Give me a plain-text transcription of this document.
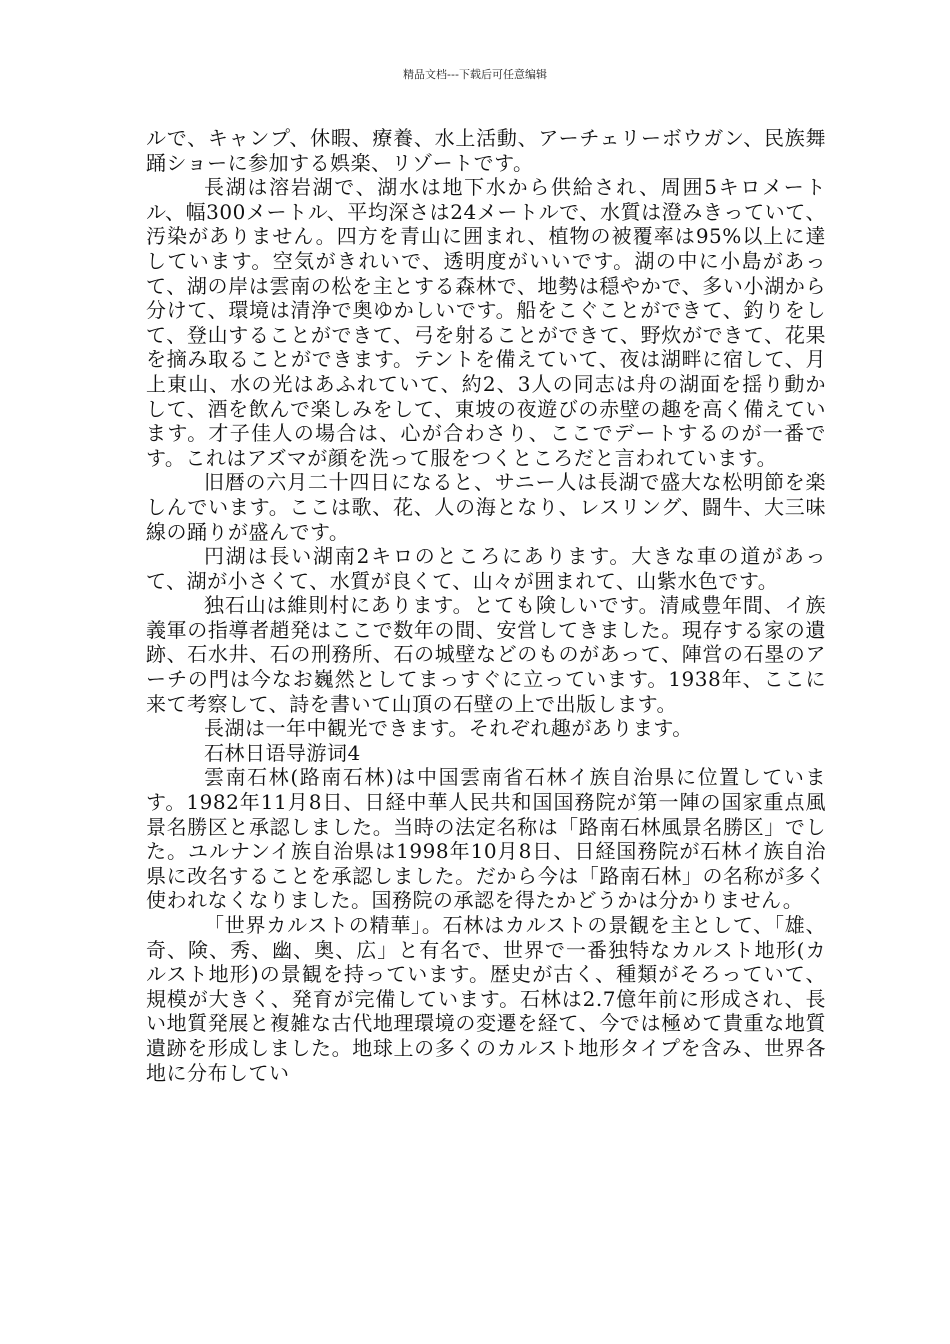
精品文档---下载后可任意编辑

ルで、キャンプ、休暇、療養、水上活動、アーチェリーボウガン、民族舞踊ショーに参加する娯楽、リゾートです。

長湖は溶岩湖で、湖水は地下水から供給され、周囲5キロメートル、幅300メートル、平均深さは24メートルで、水質は澄みきっていて、汚染がありません。四方を青山に囲まれ、植物の被覆率は95%以上に達しています。空気がきれいで、透明度がいいです。湖の中に小島があって、湖の岸は雲南の松を主とする森林で、地勢は穏やかで、多い小湖から分けて、環境は清浄で奥ゆかしいです。船をこぐことができて、釣りをして、登山することができて、弓を射ることができて、野炊ができて、花果を摘み取ることができます。テントを備えていて、夜は湖畔に宿して、月上東山、水の光はあふれていて、約2、3人の同志は舟の湖面を揺り動かして、酒を飲んで楽しみをして、東坡の夜遊びの赤壁の趣を高く備えています。才子佳人の場合は、心が合わさり、ここでデートするのが一番です。これはアズマが顔を洗って服をつくところだと言われています。

旧暦の六月二十四日になると、サニー人は長湖で盛大な松明節を楽しんでいます。ここは歌、花、人の海となり、レスリング、闘牛、大三味線の踊りが盛んです。

円湖は長い湖南2キロのところにあります。大きな車の道があって、湖が小さくて、水質が良くて、山々が囲まれて、山紫水色です。

独石山は維則村にあります。とても険しいです。清咸豊年間、イ族義軍の指導者趙発はここで数年の間、安営してきました。現存する家の遺跡、石水井、石の刑務所、石の城壁などのものがあって、陣営の石塁のアーチの門は今なお巍然としてまっすぐに立っています。1938年、ここに来て考察して、詩を書いて山頂の石壁の上で出版します。

長湖は一年中観光できます。それぞれ趣があります。

石林日语导游词4

雲南石林(路南石林)は中国雲南省石林イ族自治県に位置しています。1982年11月8日、日経中華人民共和国国務院が第一陣の国家重点風景名勝区と承認しました。当時の法定名称は「路南石林風景名勝区」でした。ユルナンイ族自治県は1998年10月8日、日経国務院が石林イ族自治県に改名することを承認しました。だから今は「路南石林」の名称が多く使われなくなりました。国務院の承認を得たかどうかは分かりません。

「世界カルストの精華」。石林はカルストの景観を主として、「雄、奇、険、秀、幽、奥、広」と有名で、世界で一番独特なカルスト地形(カルスト地形)の景観を持っています。歴史が古く、種類がそろっていて、規模が大きく、発育が完備しています。石林は2.7億年前に形成され、長い地質発展と複雑な古代地理環境の変遷を経て、今では極めて貴重な地質遺跡を形成しました。地球上の多くのカルスト地形タイプを含み、世界各地に分布してい
